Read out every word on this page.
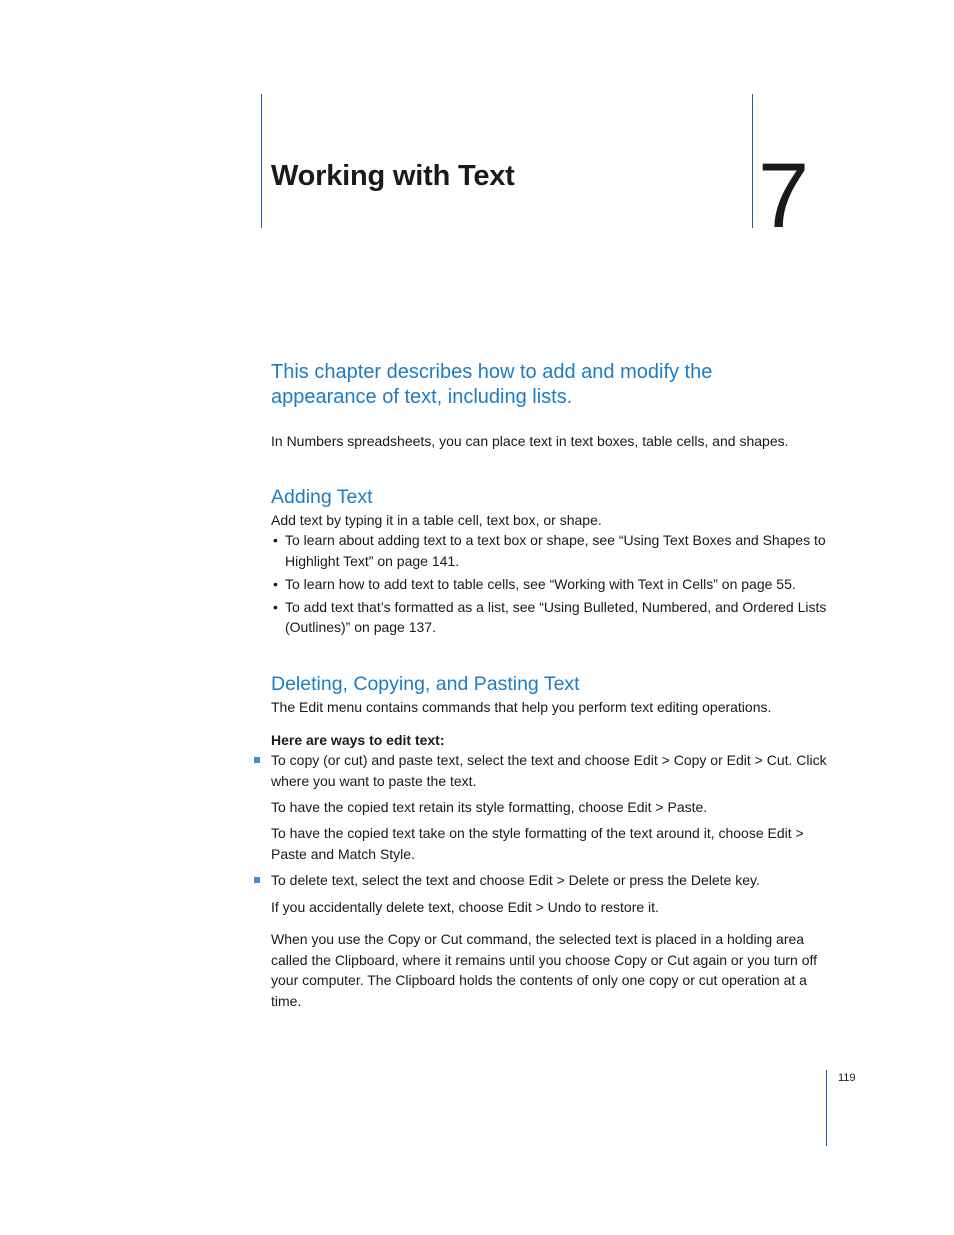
Working with Text	7
This chapter describes how to add and modify the appearance of text, including lists.
In Numbers spreadsheets, you can place text in text boxes, table cells, and shapes.
Adding Text
Add text by typing it in a table cell, text box, or shape.
• To learn about adding text to a text box or shape, see “Using Text Boxes and Shapes to Highlight Text” on page 141.
• To learn how to add text to table cells, see “Working with Text in Cells” on page 55.
• To add text that’s formatted as a list, see “Using Bulleted, Numbered, and Ordered Lists (Outlines)” on page 137.
Deleting, Copying, and Pasting Text
The Edit menu contains commands that help you perform text editing operations.
Here are ways to edit text:
To copy (or cut) and paste text, select the text and choose Edit > Copy or Edit > Cut. Click where you want to paste the text.
To have the copied text retain its style formatting, choose Edit > Paste.
To have the copied text take on the style formatting of the text around it, choose Edit > Paste and Match Style.
To delete text, select the text and choose Edit > Delete or press the Delete key.
If you accidentally delete text, choose Edit > Undo to restore it.
When you use the Copy or Cut command, the selected text is placed in a holding area called the Clipboard, where it remains until you choose Copy or Cut again or you turn off your computer. The Clipboard holds the contents of only one copy or cut operation at a time.
119
